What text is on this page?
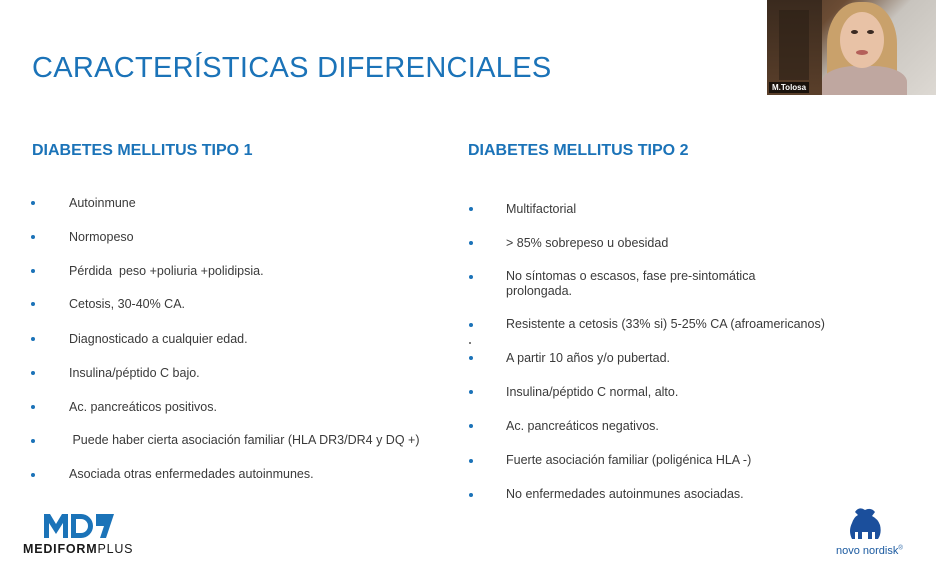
CARACTERÍSTICAS DIFERENCIALES
DIABETES MELLITUS TIPO 1	DIABETES MELLITUS TIPO 2
Autoinmune
Normopeso
Pérdida  peso +poliuria +polidipsia.
Cetosis, 30-40% CA.
Diagnosticado a cualquier edad.
Insulina/péptido C bajo.
Ac. pancreáticos positivos.
Puede haber cierta asociación familiar (HLA DR3/DR4 y DQ +)
Asociada otras enfermedades autoinmunes.
Multifactorial
> 85% sobrepeso u obesidad
No síntomas o escasos, fase pre-sintomática
prolongada.
Resistente a cetosis (33% si) 5-25% CA (afroamericanos)
A partir 10 años y/o pubertad.
Insulina/péptido C normal, alto.
Ac. pancreáticos negativos.
Fuerte asociación familiar (poligénica HLA -)
No enfermedades autoinmunes asociadas.
MEDIFORMPLUS	novo nordisk®
M.Tolosa
